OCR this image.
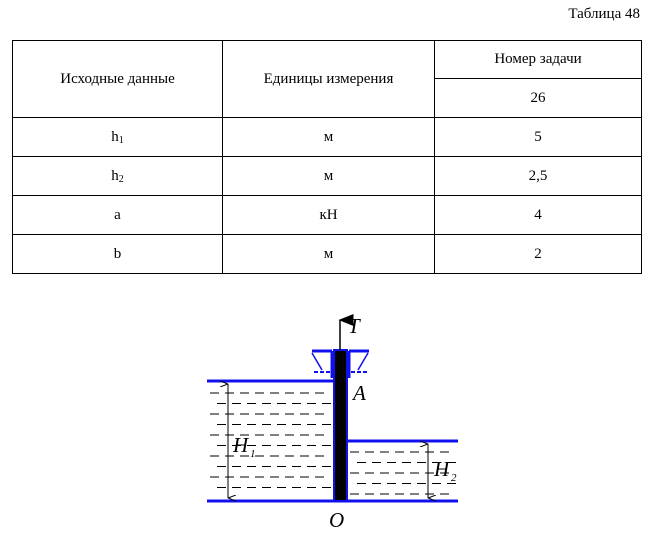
Таблица 48
Исходные данные	Единицы измерения	Номер задачи
		26
$h_1$	м	5
$h_2$	м	2,5
a	кН	4
b	м	2
T
A
O
H 1
H 2
